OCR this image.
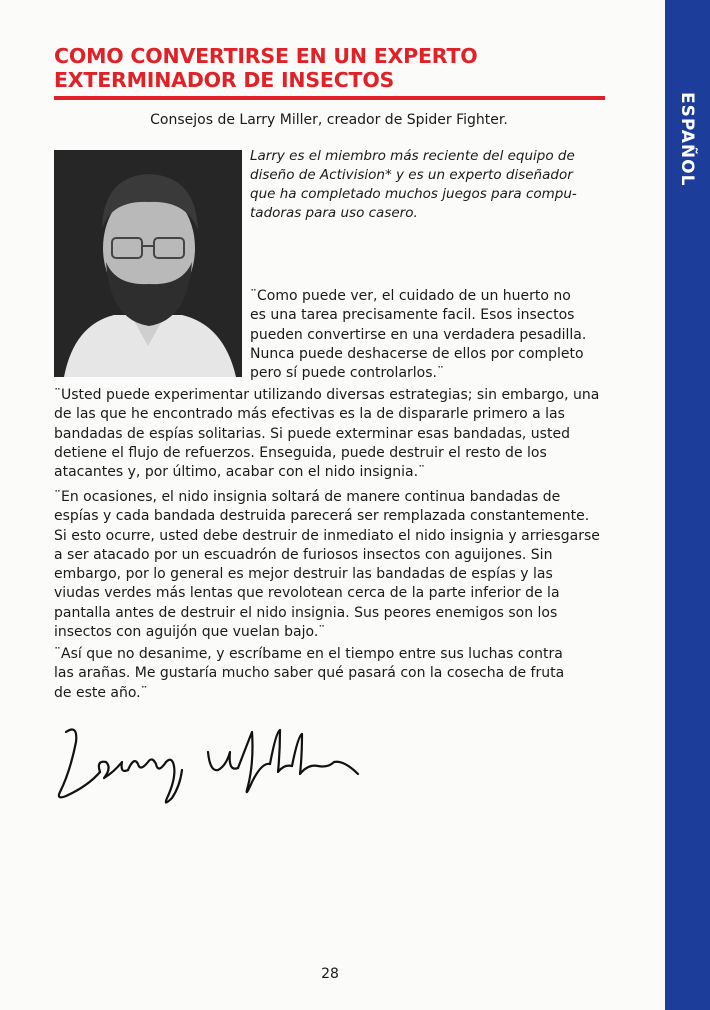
ESPAÑOL
COMO CONVERTIRSE EN UN EXPERTO
EXTERMINADOR DE INSECTOS
Consejos de Larry Miller, creador de Spider Fighter.
Larry es el miembro más reciente del equipo de
diseño de Activision* y es un experto diseñador
que ha completado muchos juegos para compu-
tadoras para uso casero.
¨Como puede ver, el cuidado de un huerto no
es una tarea precisamente facil. Esos insectos
pueden convertirse en una verdadera pesadilla.
Nunca puede deshacerse de ellos por completo
pero sí puede controlarlos.¨
¨Usted puede experimentar utilizando diversas estrategias; sin embargo, una
de las que he encontrado más efectivas es la de dispararle primero a las
bandadas de espías solitarias. Si puede exterminar esas bandadas, usted
detiene el flujo de refuerzos. Enseguida, puede destruir el resto de los
atacantes y, por último, acabar con el nido insignia.¨
¨En ocasiones, el nido insignia soltará de manere continua bandadas de
espías y cada bandada destruida parecerá ser remplazada constantemente.
Si esto ocurre, usted debe destruir de inmediato el nido insignia y arriesgarse
a ser atacado por un escuadrón de furiosos insectos con aguijones. Sin
embargo, por lo general es mejor destruir las bandadas de espías y las
viudas verdes más lentas que revolotean cerca de la parte inferior de la
pantalla antes de destruir el nido insignia. Sus peores enemigos son los
insectos con aguijón que vuelan bajo.¨
¨Así que no desanime, y escríbame en el tiempo entre sus luchas contra
las arañas. Me gustaría mucho saber qué pasará con la cosecha de fruta
de este año.¨
28
